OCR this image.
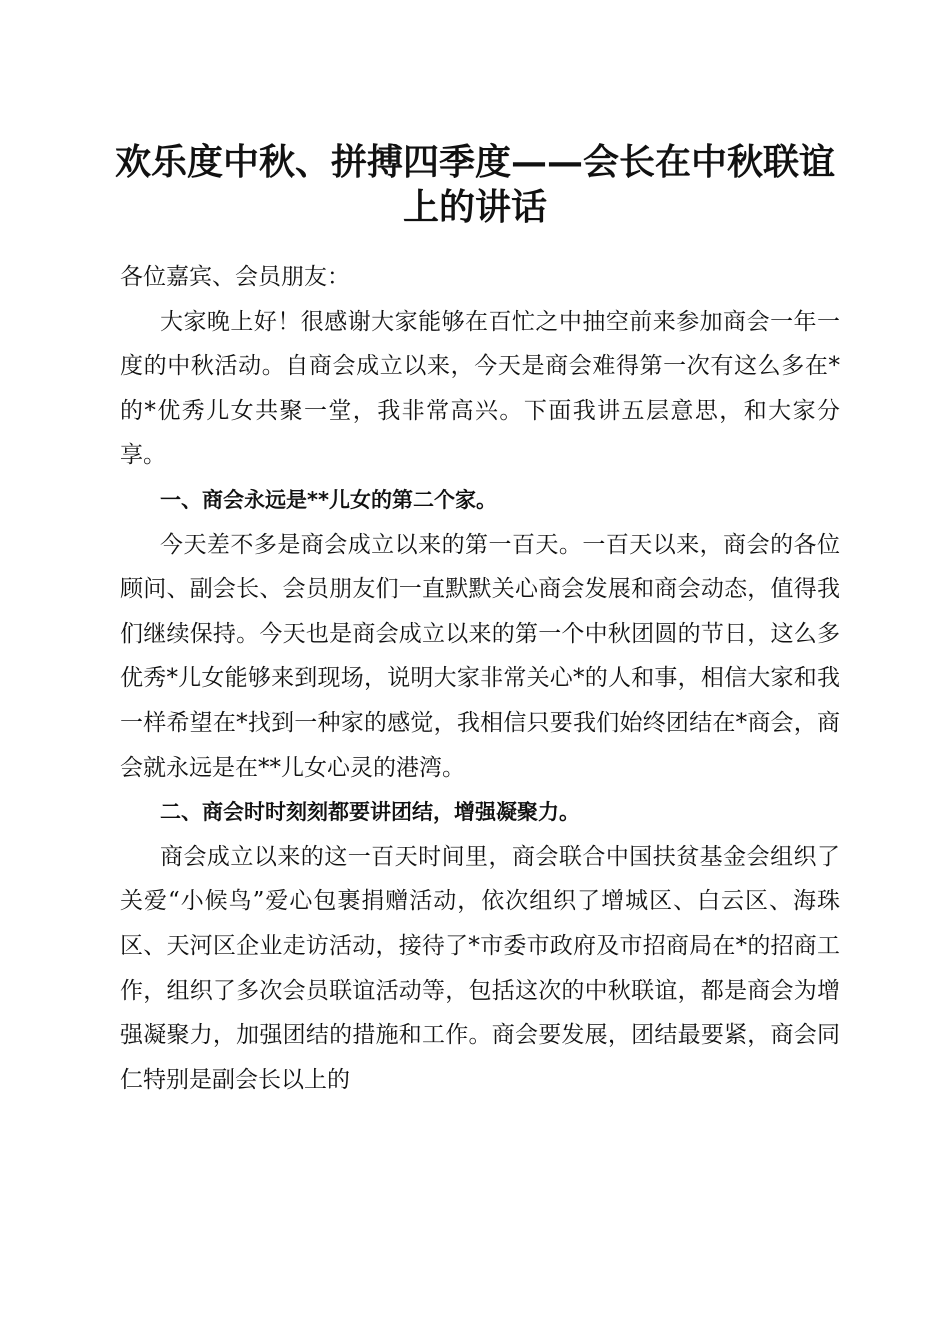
欢乐度中秋、拼搏四季度——会长在中秋联谊
上的讲话

各位嘉宾、会员朋友：

大家晚上好！很感谢大家能够在百忙之中抽空前来参加商会一年一度的中秋活动。自商会成立以来，今天是商会难得第一次有这么多在*的*优秀儿女共聚一堂，我非常高兴。下面我讲五层意思，和大家分享。

一、商会永远是**儿女的第二个家。

今天差不多是商会成立以来的第一百天。一百天以来，商会的各位顾问、副会长、会员朋友们一直默默关心商会发展和商会动态，值得我们继续保持。今天也是商会成立以来的第一个中秋团圆的节日，这么多优秀*儿女能够来到现场，说明大家非常关心*的人和事，相信大家和我一样希望在*找到一种家的感觉，我相信只要我们始终团结在*商会，商会就永远是在**儿女心灵的港湾。

二、商会时时刻刻都要讲团结，增强凝聚力。

商会成立以来的这一百天时间里，商会联合中国扶贫基金会组织了关爱“小候鸟”爱心包裹捐赠活动，依次组织了增城区、白云区、海珠区、天河区企业走访活动，接待了*市委市政府及市招商局在*的招商工作，组织了多次会员联谊活动等，包括这次的中秋联谊，都是商会为增强凝聚力，加强团结的措施和工作。商会要发展，团结最要紧，商会同仁特别是副会长以上的
